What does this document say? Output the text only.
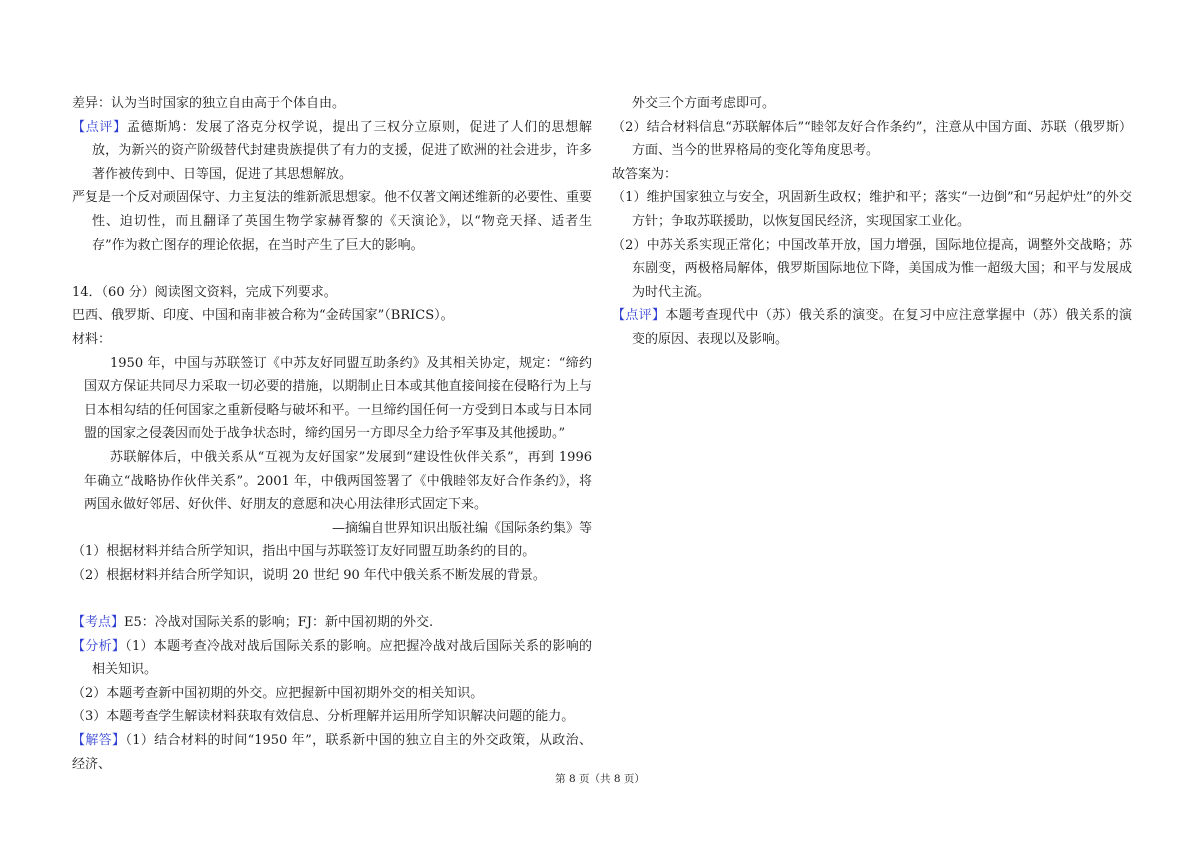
差异：认为当时国家的独立自由高于个体自由。

【点评】孟德斯鸠：发展了洛克分权学说，提出了三权分立原则，促进了人们的思想解放，为新兴的资产阶级替代封建贵族提供了有力的支援，促进了欧洲的社会进步，许多著作被传到中、日等国，促进了其思想解放。

严复是一个反对顽固保守、力主复法的维新派思想家。他不仅著文阐述维新的必要性、重要性、迫切性，而且翻译了英国生物学家赫胥黎的《天演论》，以“物竞天择、适者生存”作为救亡图存的理论依据，在当时产生了巨大的影响。

14．（60 分）阅读图文资料，完成下列要求。

巴西、俄罗斯、印度、中国和南非被合称为“金砖国家”（BRICS）。

材料：

1950 年，中国与苏联签订《中苏友好同盟互助条约》及其相关协定，规定：“缔约国双方保证共同尽力采取一切必要的措施，以期制止日本或其他直接间接在侵略行为上与日本相勾结的任何国家之重新侵略与破坏和平。一旦缔约国任何一方受到日本或与日本同盟的国家之侵袭因而处于战争状态时，缔约国另一方即尽全力给予军事及其他援助。”

苏联解体后，中俄关系从“互视为友好国家”发展到“建设性伙伴关系”，再到 1996 年确立“战略协作伙伴关系”。2001 年，中俄两国签署了《中俄睦邻友好合作条约》，将两国永做好邻居、好伙伴、好朋友的意愿和决心用法律形式固定下来。

—摘编自世界知识出版社编《国际条约集》等

（1）根据材料并结合所学知识，指出中国与苏联签订友好同盟互助条约的目的。

（2）根据材料并结合所学知识，说明 20 世纪 90 年代中俄关系不断发展的背景。

【考点】E5：冷战对国际关系的影响；FJ：新中国初期的外交.

【分析】（1）本题考查冷战对战后国际关系的影响。应把握冷战对战后国际关系的影响的相关知识。

（2）本题考查新中国初期的外交。应把握新中国初期外交的相关知识。

（3）本题考查学生解读材料获取有效信息、分析理解并运用所学知识解决问题的能力。

【解答】（1）结合材料的时间“1950 年”，联系新中国的独立自主的外交政策，从政治、经济、

外交三个方面考虑即可。

（2）结合材料信息“苏联解体后”“睦邻友好合作条约”，注意从中国方面、苏联（俄罗斯）方面、当今的世界格局的变化等角度思考。

故答案为：

（1）维护国家独立与安全，巩固新生政权；维护和平；落实“一边倒”和“另起炉灶”的外交方针；争取苏联援助，以恢复国民经济，实现国家工业化。

（2）中苏关系实现正常化；中国改革开放，国力增强，国际地位提高，调整外交战略；苏东剧变，两极格局解体，俄罗斯国际地位下降，美国成为惟一超级大国；和平与发展成为时代主流。

【点评】本题考查现代中（苏）俄关系的演变。在复习中应注意掌握中（苏）俄关系的演变的原因、表现以及影响。

第 8 页（共 8 页）
